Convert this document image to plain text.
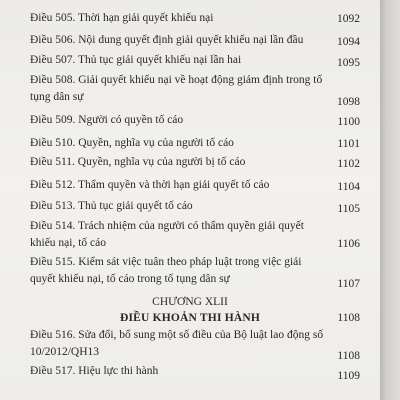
Điều 505. Thời hạn giải quyết khiếu nại	1092
Điều 506. Nội dung quyết định giải quyết khiếu nại lần đầu	1094
Điều 507. Thủ tục giải quyết khiếu nại lần hai	1095
Điều 508. Giải quyết khiếu nại về hoạt động giám định trong tố
tụng dân sự	1098
Điều 509. Người có quyền tố cáo	1100
Điều 510. Quyền, nghĩa vụ của người tố cáo	1101
Điều 511. Quyền, nghĩa vụ của người bị tố cáo	1102
Điều 512. Thẩm quyền và thời hạn giải quyết tố cáo	1104
Điều 513. Thủ tục giải quyết tố cáo	1105
Điều 514. Trách nhiệm của người có thẩm quyền giải quyết
khiếu nại, tố cáo	1106
Điều 515. Kiểm sát việc tuân theo pháp luật trong việc giải
quyết khiếu nại, tố cáo trong tố tụng dân sự	1107
CHƯƠNG XLII
ĐIỀU KHOẢN THI HÀNH	1108
Điều 516. Sửa đổi, bổ sung một số điều của Bộ luật lao động số
10/2012/QH13	1108
Điều 517. Hiệu lực thi hành	1109
